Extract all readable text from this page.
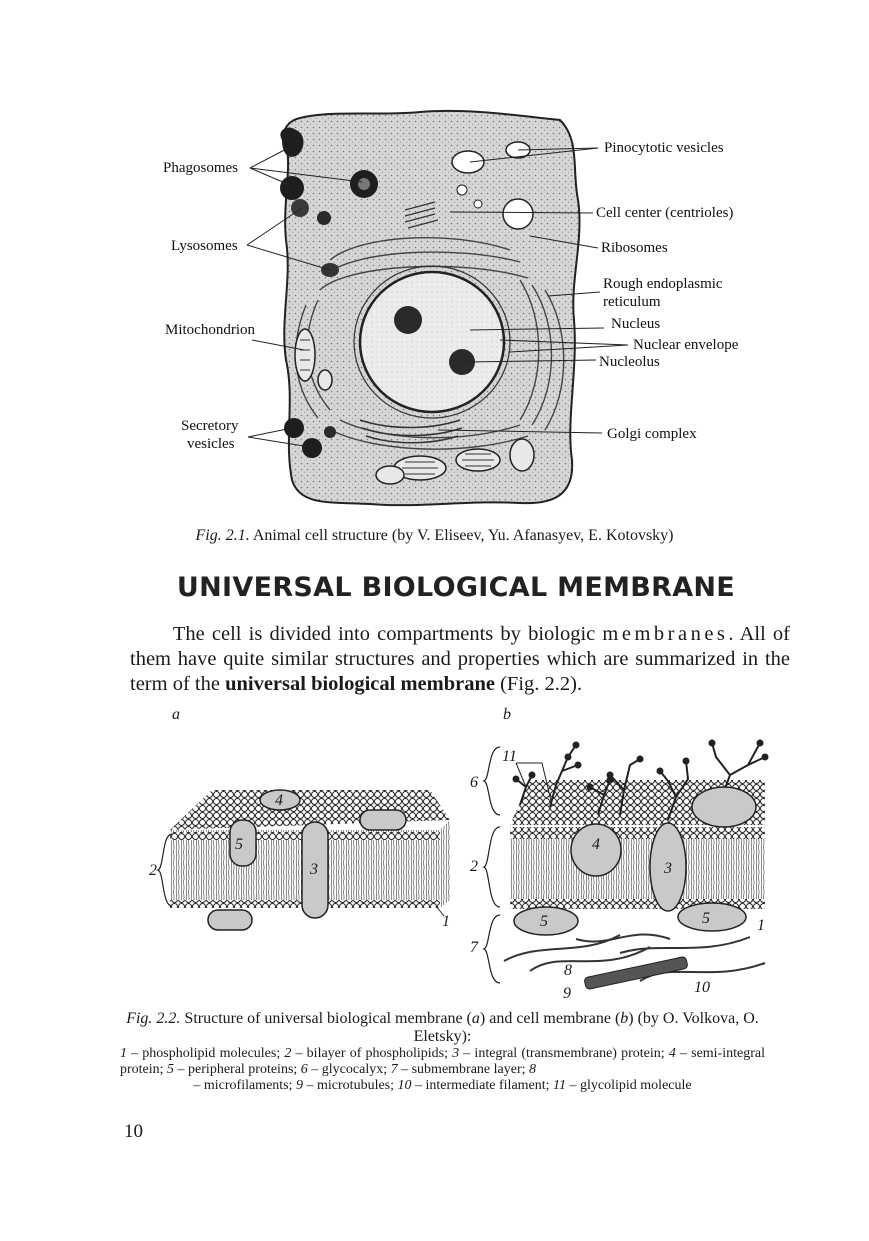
Phagosomes
Lysosomes
Mitochondrion
Secretory
vesicles
Pinocytotic vesicles
Cell center (centrioles)
Ribosomes
Rough endoplasmic
reticulum
Nucleus
Nuclear envelope
Nucleolus
Golgi complex
Fig. 2.1. Animal cell structure (by V. Eliseev, Yu. Afanasyev, E. Kotovsky)
UNIVERSAL BIOLOGICAL MEMBRANE

The cell is divided into compartments by biologic membranes. All of them have quite similar structures and properties which are summarized in the term of the universal biological membrane (Fig. 2.2).

a	b
2
4
5
3
1
11
6
2
4
3
5	5	1
7
8
9	10
Fig. 2.2. Structure of universal biological membrane (a) and cell membrane (b) (by O. Volkova, O. Eletsky):
1 – phospholipid molecules; 2 – bilayer of phospholipids; 3 – integral (transmembrane) protein; 4 – semi-integral protein; 5 – peripheral proteins; 6 – glycocalyx; 7 – submembrane layer; 8
– microfilaments; 9 – microtubules; 10 – intermediate filament; 11 – glycolipid molecule
10
